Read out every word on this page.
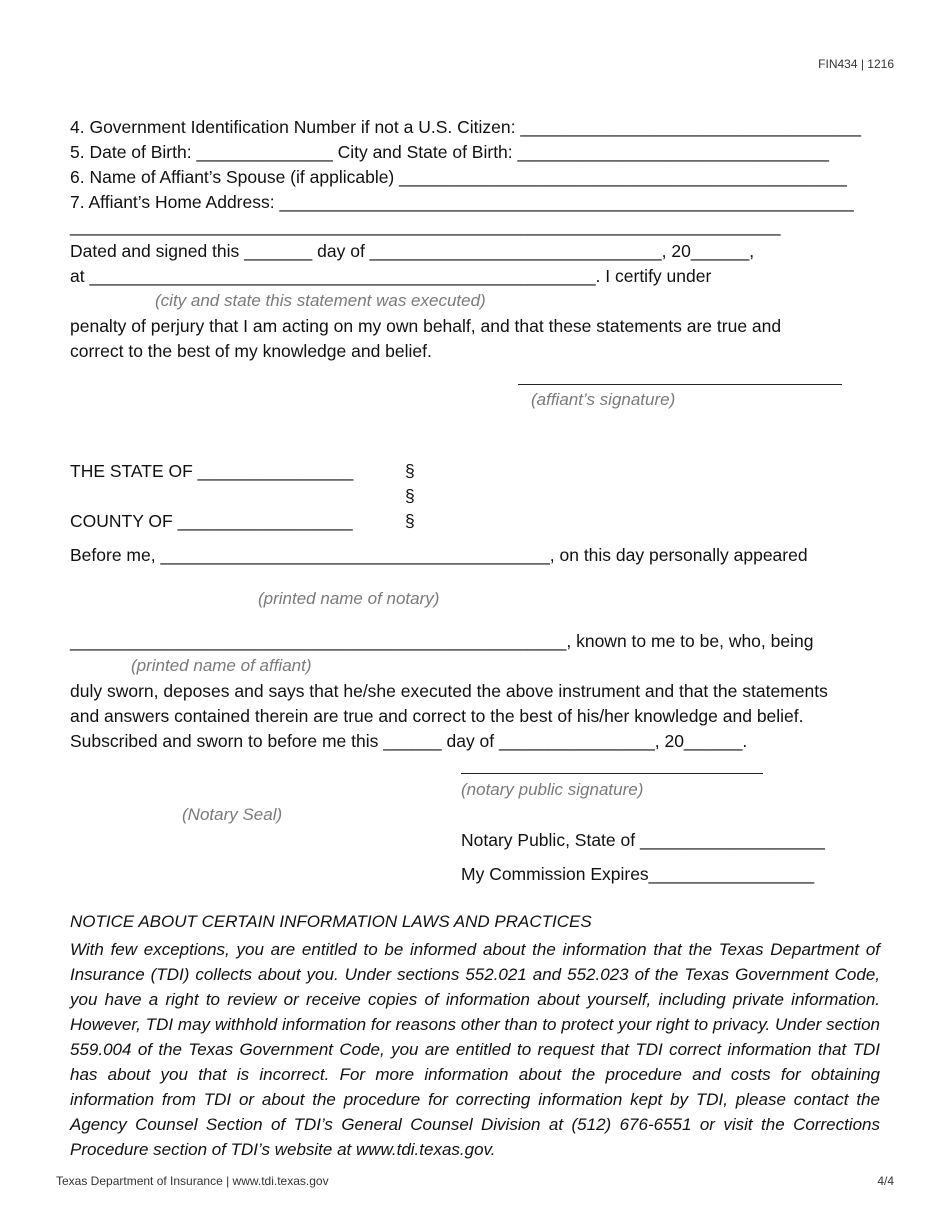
FIN434 | 1216
4. Government Identification Number if not a U.S. Citizen: ___________________________________
5. Date of Birth: ______________ City and State of Birth: ________________________________
6. Name of Affiant’s Spouse (if applicable) ______________________________________________
7. Affiant’s Home Address: ___________________________________________________________
_________________________________________________________________________
Dated and signed this _______ day of ______________________________, 20______,
at ____________________________________________________. I certify under
(city and state this statement was executed)
penalty of perjury that I am acting on my own behalf, and that these statements are true and
correct to the best of my knowledge and belief.
(affiant’s signature)
THE STATE OF ________________	§
§
COUNTY OF __________________	§
Before me, ________________________________________, on this day personally appeared
(printed name of notary)
___________________________________________________, known to me to be, who, being
(printed name of affiant)
duly sworn, deposes and says that he/she executed the above instrument and that the statements
and answers contained therein are true and correct to the best of his/her knowledge and belief.
Subscribed and sworn to before me this ______ day of ________________, 20______.
(notary public signature)
(Notary Seal)
Notary Public, State of ___________________
My Commission Expires_________________
NOTICE ABOUT CERTAIN INFORMATION LAWS AND PRACTICES
With few exceptions, you are entitled to be informed about the information that the Texas Department of Insurance (TDI) collects about you. Under sections 552.021 and 552.023 of the Texas Government Code, you have a right to review or receive copies of information about yourself, including private information. However, TDI may withhold information for reasons other than to protect your right to privacy. Under section 559.004 of the Texas Government Code, you are entitled to request that TDI correct information that TDI has about you that is incorrect. For more information about the procedure and costs for obtaining information from TDI or about the procedure for correcting information kept by TDI, please contact the Agency Counsel Section of TDI’s General Counsel Division at (512) 676-6551 or visit the Corrections Procedure section of TDI’s website at www.tdi.texas.gov.
Texas Department of Insurance | www.tdi.texas.gov	4/4
